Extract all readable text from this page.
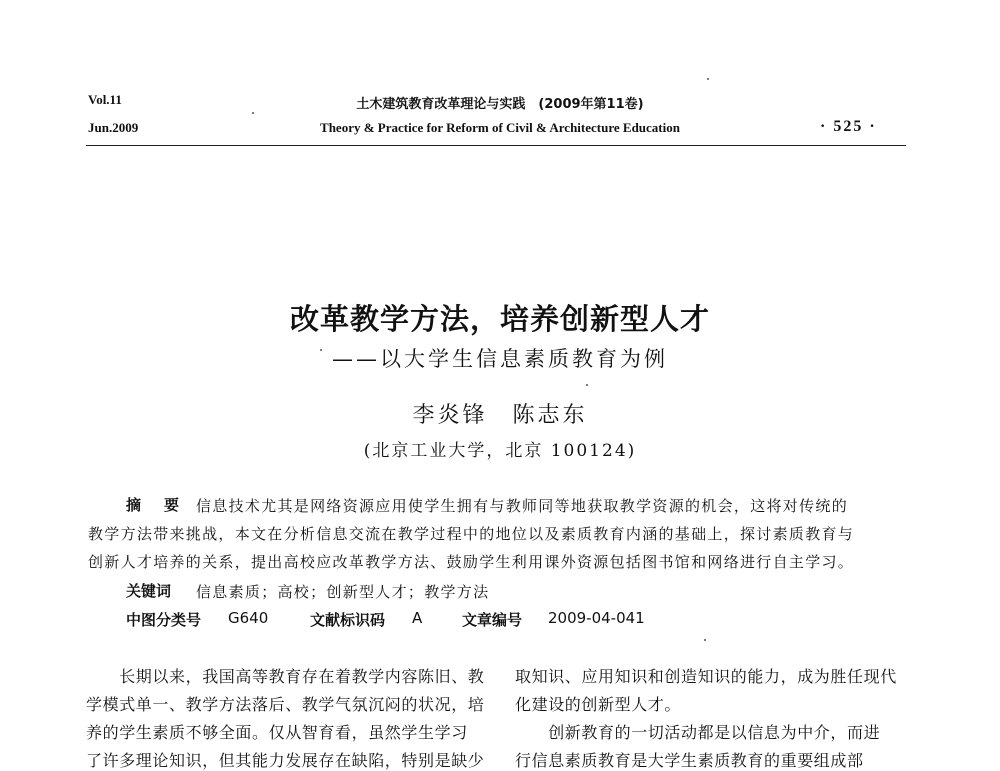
Vol.11
Jun.2009
土木建筑教育改革理论与实践　(2009年第11卷)
Theory & Practice for Reform of Civil & Architecture Education	· 525 ·
改革教学方法，培养创新型人才
——以大学生信息素质教育为例
李炎锋　陈志东
(北京工业大学，北京 100124)
摘　要 信息技术尤其是网络资源应用使学生拥有与教师同等地获取教学资源的机会，这将对传统的
教学方法带来挑战，本文在分析信息交流在教学过程中的地位以及素质教育内涵的基础上，探讨素质教育与
创新人才培养的关系，提出高校应改革教学方法、鼓励学生利用课外资源包括图书馆和网络进行自主学习。
关键词 信息素质；高校；创新型人才；教学方法
中图分类号 G640	文献标识码 A	文章编号 2009-04-041
　　长期以来，我国高等教育存在着教学内容陈旧、教
学模式单一、教学方法落后、教学气氛沉闷的状况，培
养的学生素质不够全面。仅从智育看，虽然学生学习
了许多理论知识，但其能力发展存在缺陷，特别是缺少
取知识、应用知识和创造知识的能力，成为胜任现代
化建设的创新型人才。
　　创新教育的一切活动都是以信息为中介，而进
行信息素质教育是大学生素质教育的重要组成部
